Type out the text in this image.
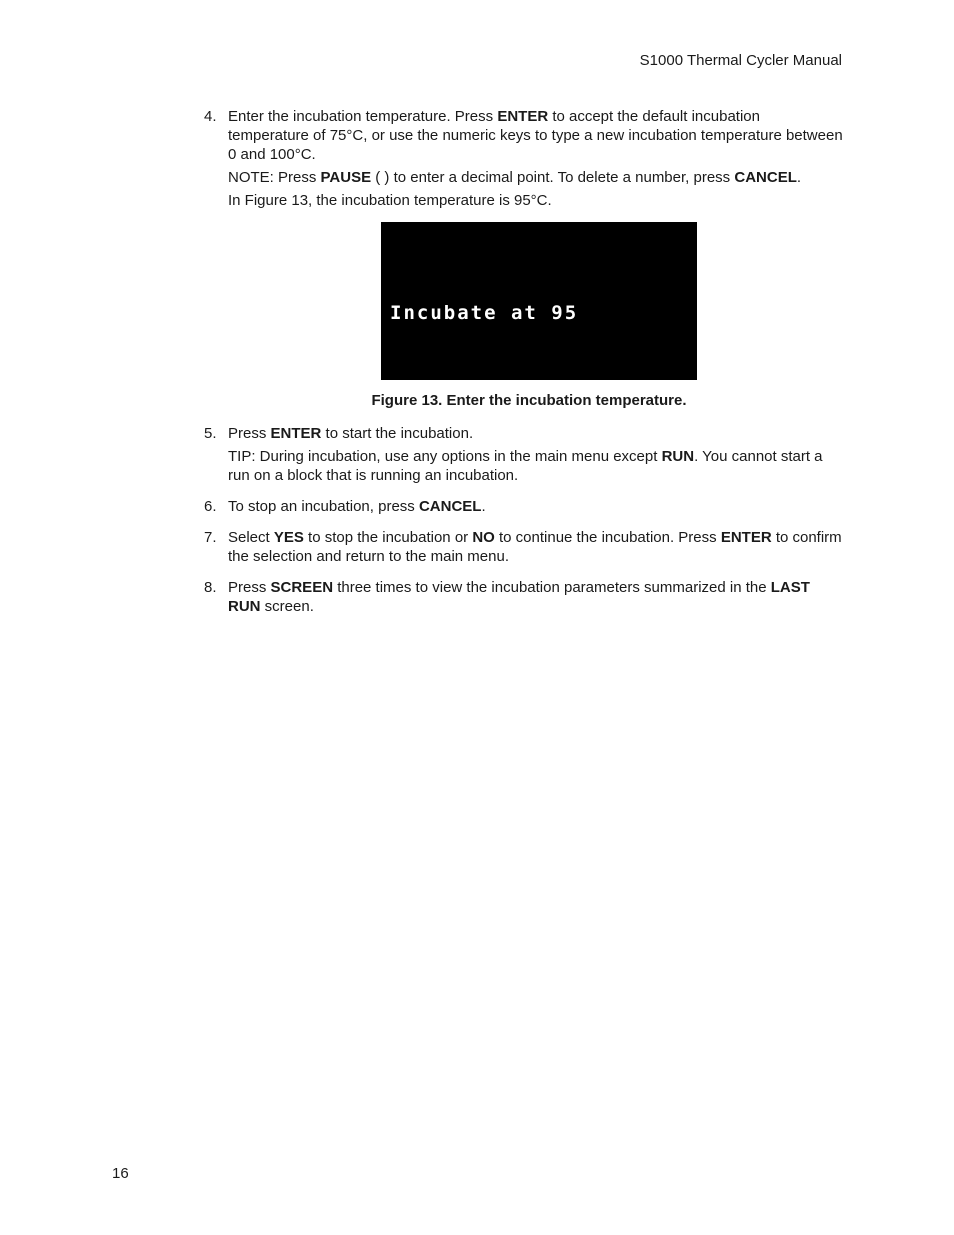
S1000 Thermal Cycler Manual
4. Enter the incubation temperature. Press ENTER to accept the default incubation temperature of 75°C, or use the numeric keys to type a new incubation temperature between 0 and 100°C.

NOTE: Press PAUSE ( ) to enter a decimal point. To delete a number, press CANCEL.

In Figure 13, the incubation temperature is 95°C.

Incubate at 95
Figure 13. Enter the incubation temperature.
5. Press ENTER to start the incubation.

TIP: During incubation, use any options in the main menu except RUN. You cannot start a run on a block that is running an incubation.

6. To stop an incubation, press CANCEL.

7. Select YES to stop the incubation or NO to continue the incubation. Press ENTER to confirm the selection and return to the main menu.

8. Press SCREEN three times to view the incubation parameters summarized in the LAST RUN screen.

16
